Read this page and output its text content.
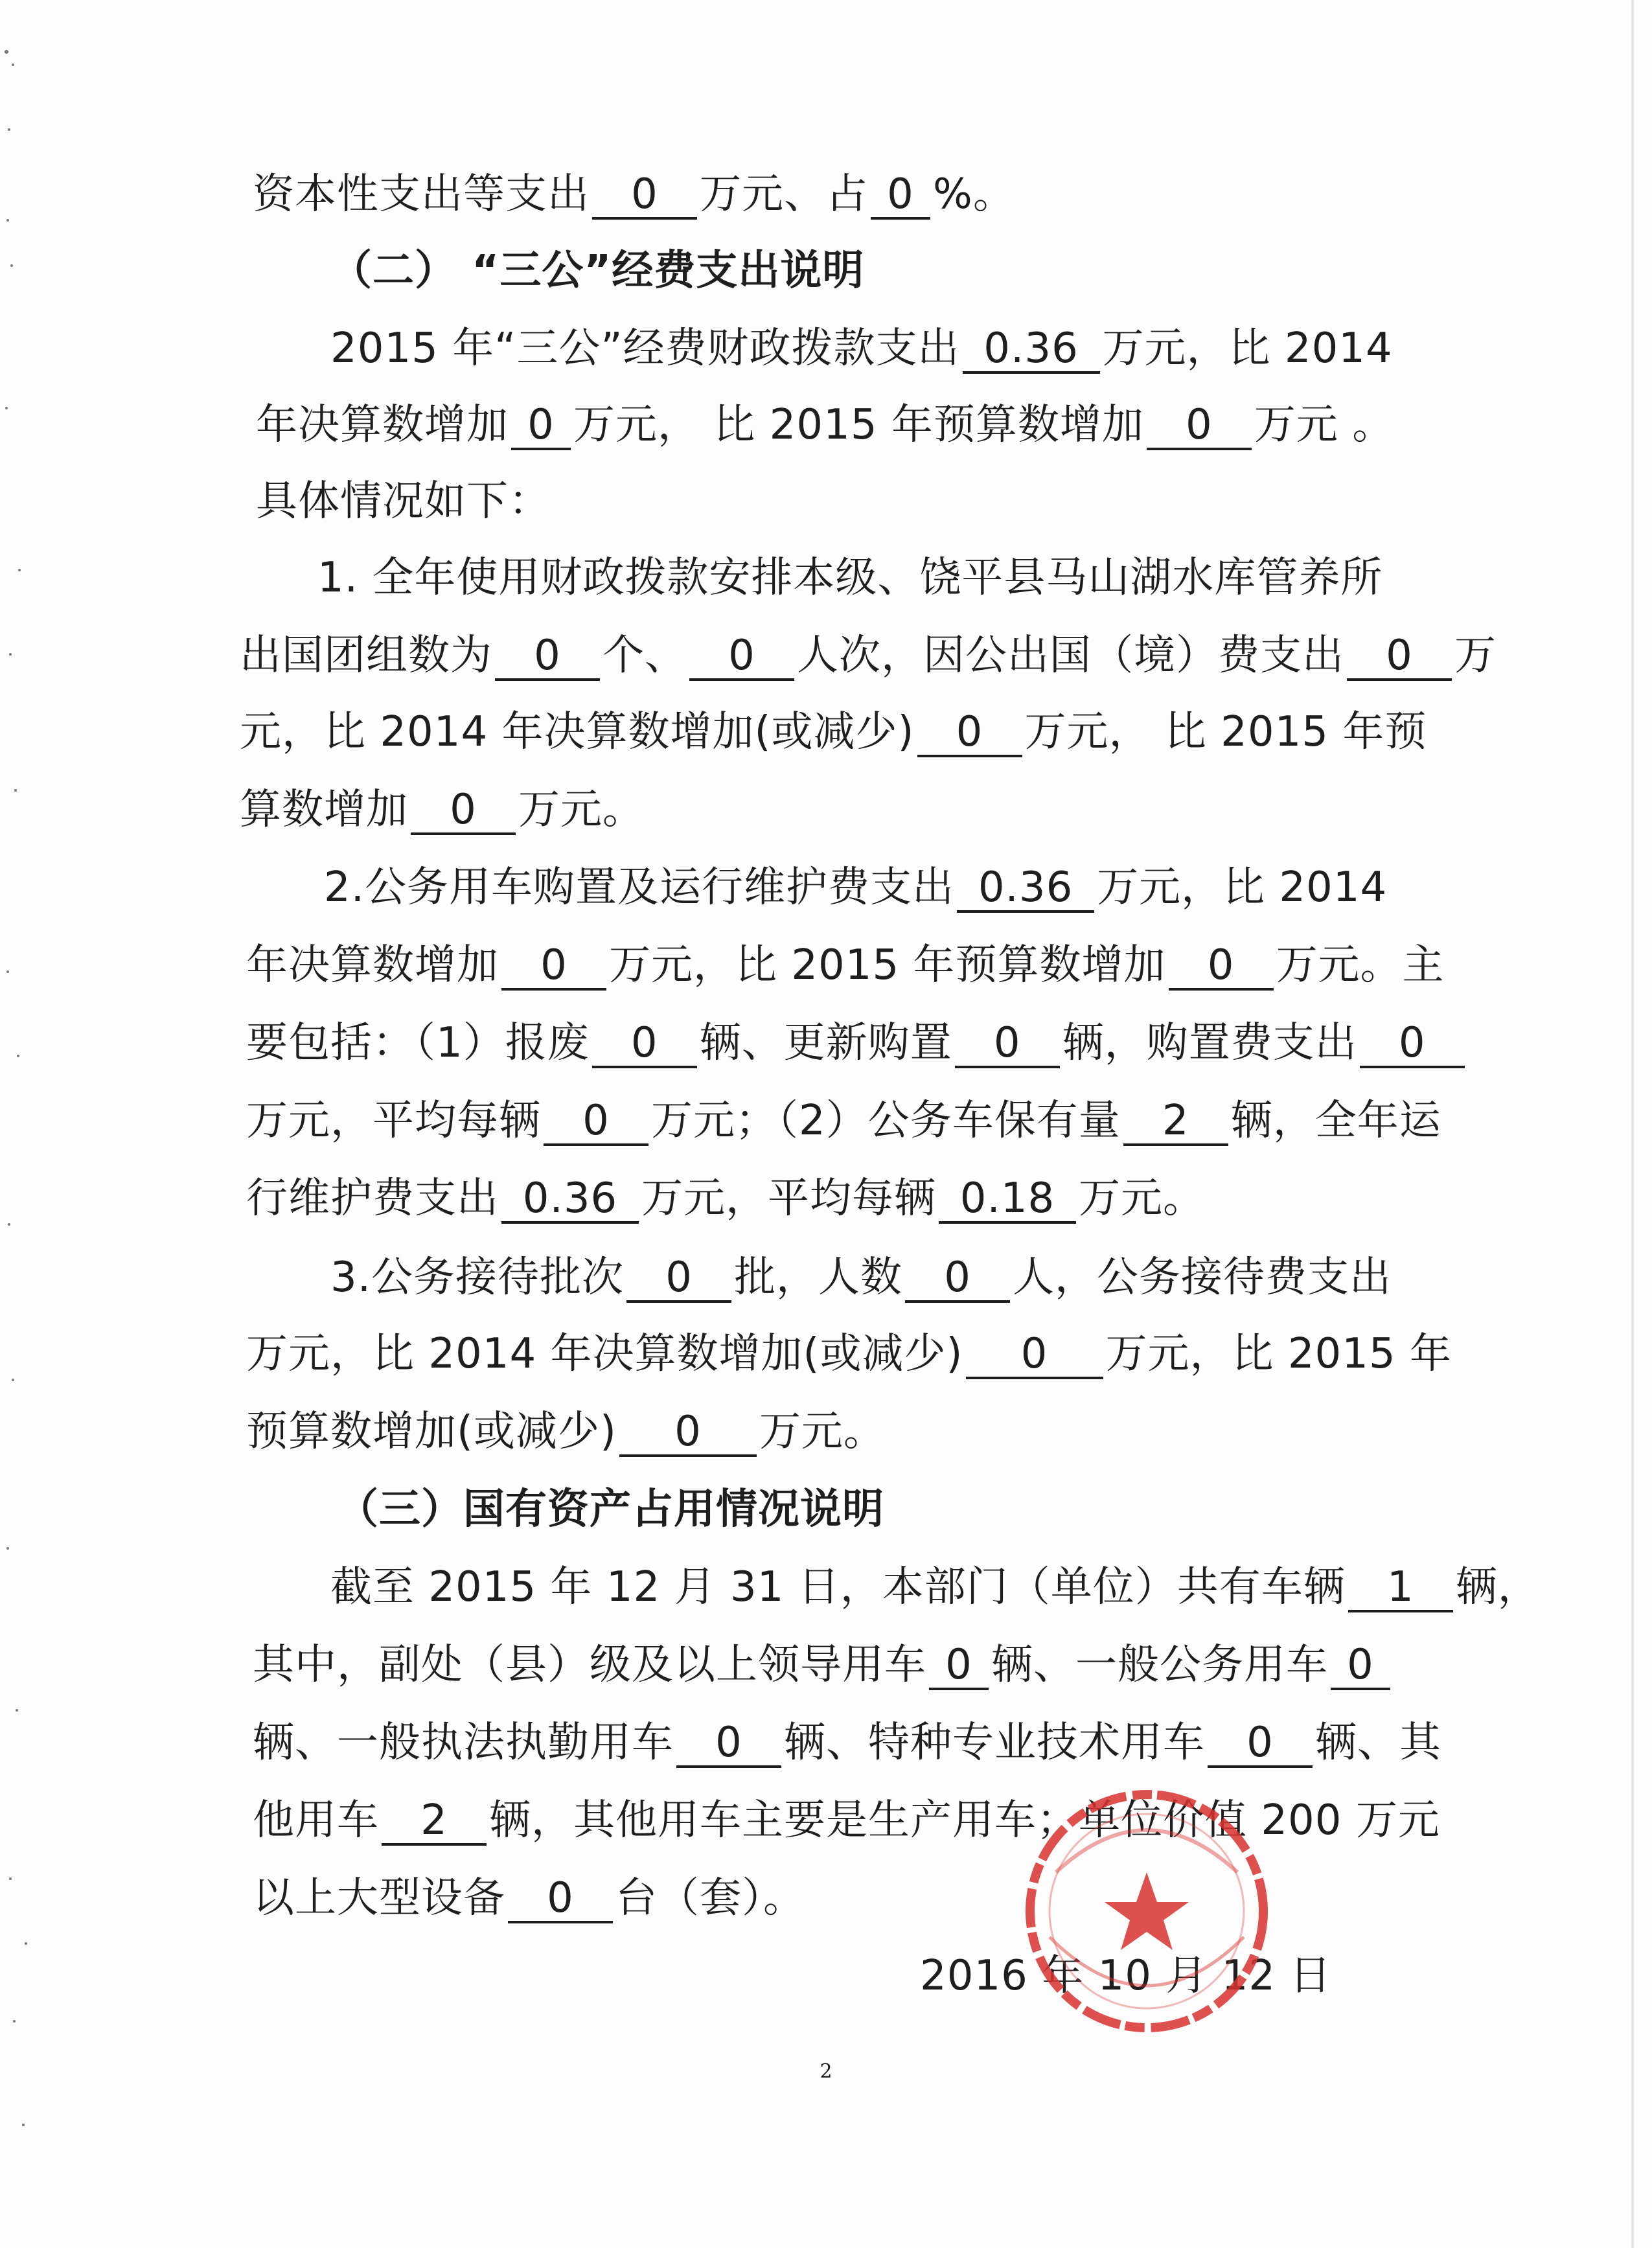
资本性支出等支出 0 万元、占 0 %。
（二） “三公”经费支出说明
2015 年“三公”经费财政拨款支出 0.36 万元，比 2014
年决算数增加 0 万元， 比 2015 年预算数增加 0 万元 。
具体情况如下：
1. 全年使用财政拨款安排本级、饶平县马山湖水库管养所
出国团组数为 0 个、 0 人次，因公出国（境）费支出 0 万
元，比 2014 年决算数增加(或减少) 0 万元， 比 2015 年预
算数增加 0 万元。
2.公务用车购置及运行维护费支出 0.36 万元，比 2014
年决算数增加 0 万元，比 2015 年预算数增加 0 万元。主
要包括：（1）报废 0 辆、更新购置 0 辆，购置费支出 0
万元，平均每辆 0 万元；（2）公务车保有量 2 辆，全年运
行维护费支出 0.36 万元，平均每辆 0.18 万元。
3.公务接待批次 0 批，人数 0 人，公务接待费支出
万元，比 2014 年决算数增加(或减少) 0 万元，比 2015 年
预算数增加(或减少) 0 万元。
（三）国有资产占用情况说明
截至 2015 年 12 月 31 日，本部门（单位）共有车辆 1 辆，
其中，副处（县）级及以上领导用车 0 辆、一般公务用车 0
辆、一般执法执勤用车 0 辆、特种专业技术用车 0 辆、其
他用车 2 辆，其他用车主要是生产用车；单位价值 200 万元
以上大型设备 0 台（套）。
2016 年 10 月 12 日
2
